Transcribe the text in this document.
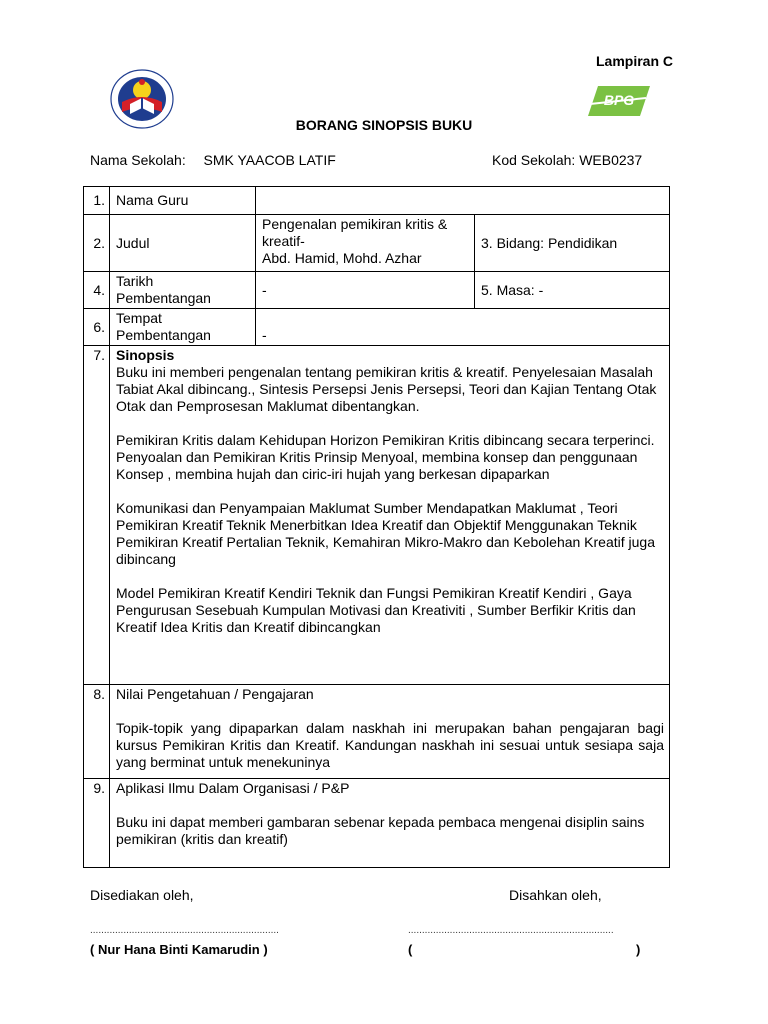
Lampiran C
BPG
BORANG SINOPSIS BUKU
Nama Sekolah: SMK YAACOB LATIF	Kod Sekolah: WEB0237
1.	Nama Guru		
2.	Judul	Pengenalan pemikiran kritis &
kreatif-
Abd. Hamid, Mohd. Azhar	3. Bidang: Pendidikan
4.	Tarikh
Pembentangan	-	5. Masa: -
6.	Tempat
Pembentangan	-	
7.	Sinopsis

Buku ini memberi pengenalan tentang pemikiran kritis & kreatif. Penyelesaian Masalah Tabiat Akal dibincang., Sintesis Persepsi Jenis Persepsi, Teori dan Kajian Tentang Otak Otak dan Pemprosesan Maklumat dibentangkan.

Pemikiran Kritis dalam Kehidupan Horizon Pemikiran Kritis dibincang secara terperinci. Penyoalan dan Pemikiran Kritis Prinsip Menyoal, membina konsep dan penggunaan Konsep , membina hujah dan ciric-iri hujah yang berkesan dipaparkan

Komunikasi dan Penyampaian Maklumat Sumber Mendapatkan Maklumat , Teori Pemikiran Kreatif Teknik Menerbitkan Idea Kreatif dan Objektif Menggunakan Teknik Pemikiran Kreatif Pertalian Teknik, Kemahiran Mikro-Makro dan Kebolehan Kreatif juga dibincang

Model Pemikiran Kreatif Kendiri Teknik dan Fungsi Pemikiran Kreatif Kendiri , Gaya Pengurusan Sesebuah Kumpulan Motivasi dan Kreativiti , Sumber Berfikir Kritis dan Kreatif Idea Kritis dan Kreatif dibincangkan		

8.	Nilai Pengetahuan / Pengajaran

Topik-topik yang dipaparkan dalam naskhah ini merupakan bahan pengajaran bagi kursus Pemikiran Kritis dan Kreatif. Kandungan naskhah ini sesuai untuk sesiapa saja yang berminat untuk menekuninya		

9.	Aplikasi Ilmu Dalam Organisasi / P&P

Buku ini dapat memberi gambaran sebenar kepada pembaca mengenai disiplin sains pemikiran (kritis dan kreatif)		

Disediakan oleh,	Disahkan oleh,
....................................................................	..........................................................................
( Nur Hana Binti Kamarudin )	(	)
